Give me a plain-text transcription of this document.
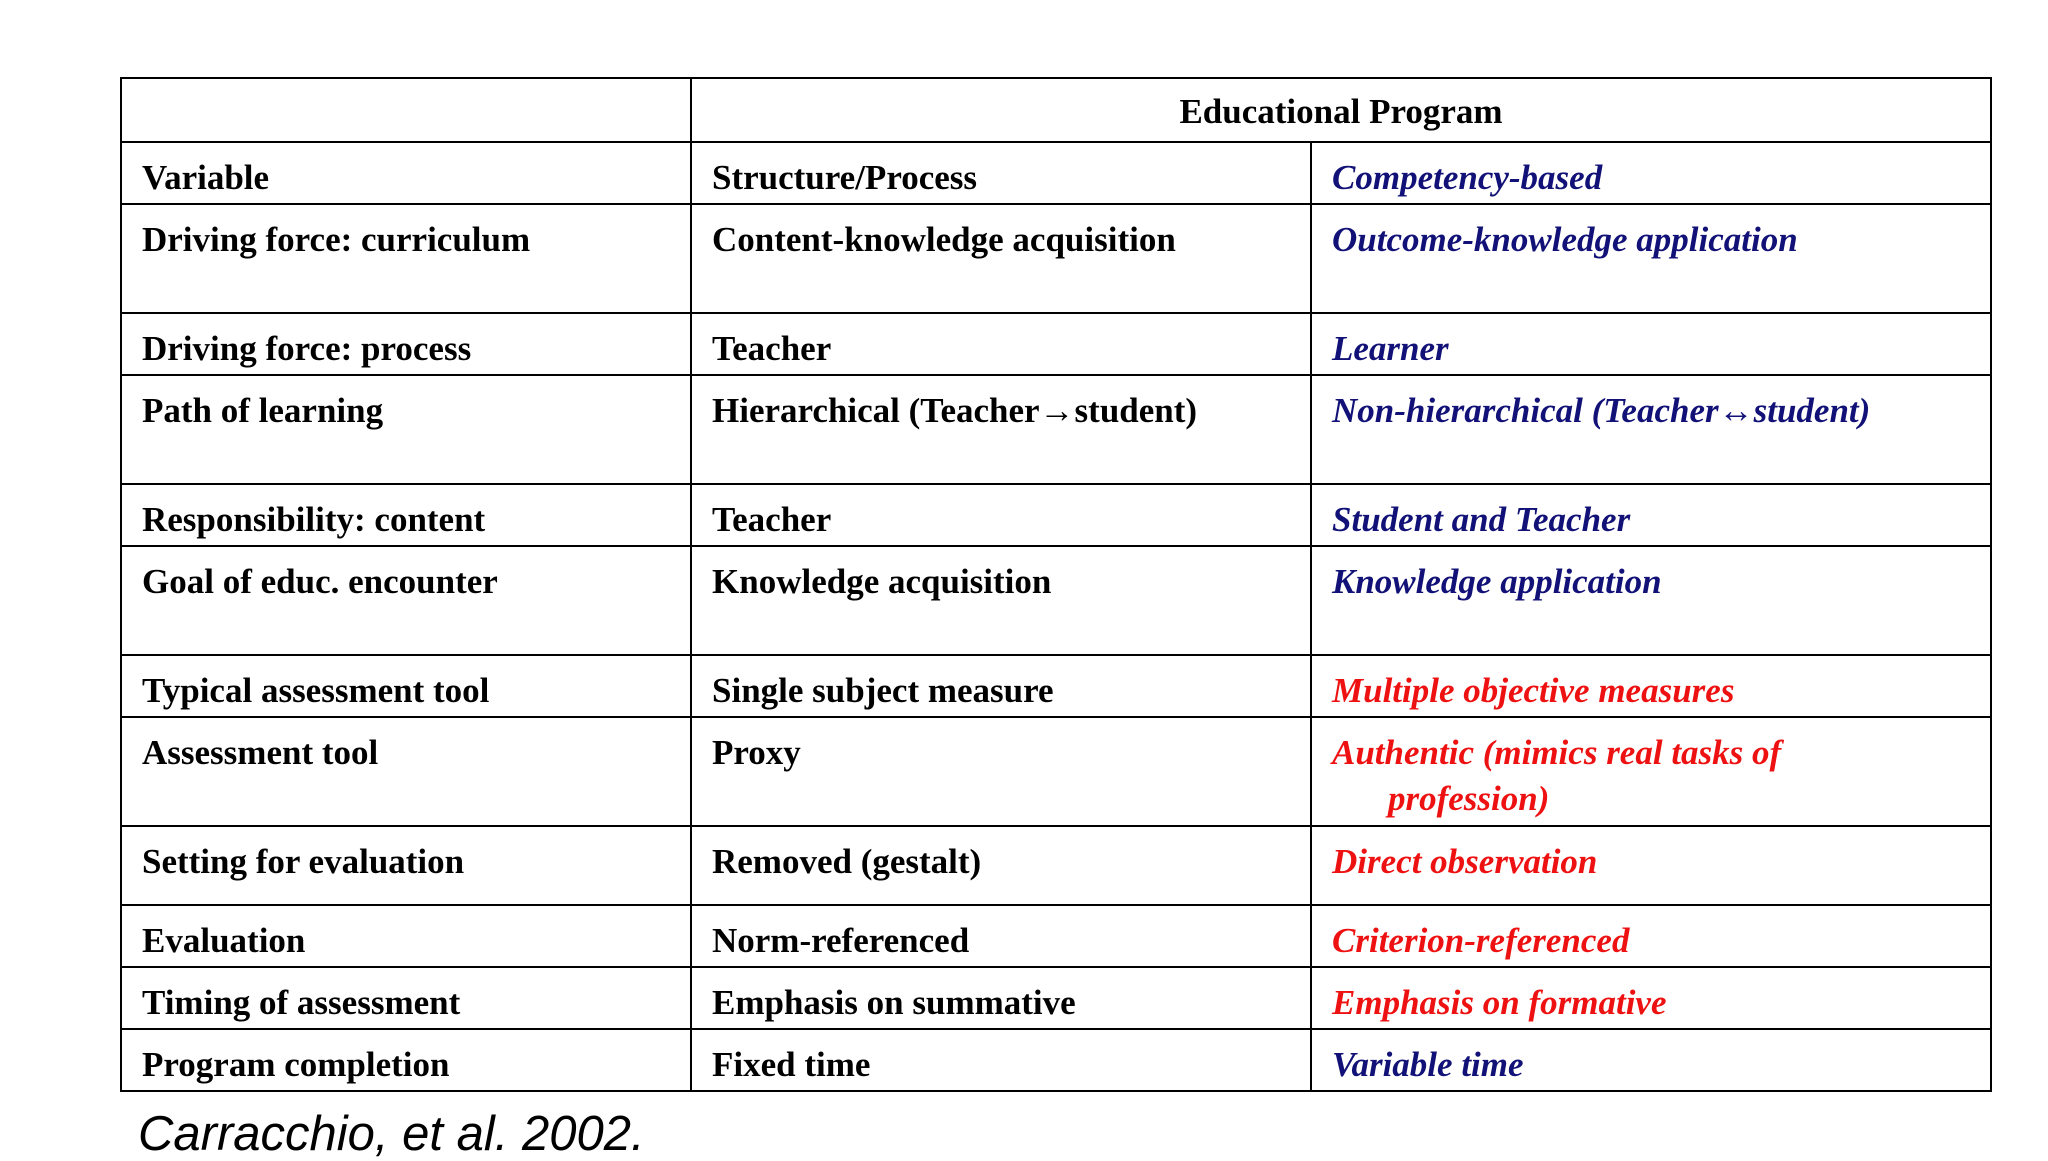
	Educational Program	
Variable	Structure/Process	Competency-based
Driving force: curriculum	Content-knowledge acquisition	Outcome-knowledge application
Driving force: process	Teacher	Learner
Path of learning	Hierarchical (Teacher→student)	Non-hierarchical (Teacher↔student)
Responsibility: content	Teacher	Student and Teacher
Goal of educ. encounter	Knowledge acquisition	Knowledge application
Typical assessment tool	Single subject measure	Multiple objective measures
Assessment tool	Proxy	Authentic (mimics real tasks of
profession)

Setting for evaluation	Removed (gestalt)	Direct observation
Evaluation	Norm-referenced	Criterion-referenced
Timing of assessment	Emphasis on summative	Emphasis on formative
Program completion	Fixed time	Variable time

Carracchio, et al. 2002.
